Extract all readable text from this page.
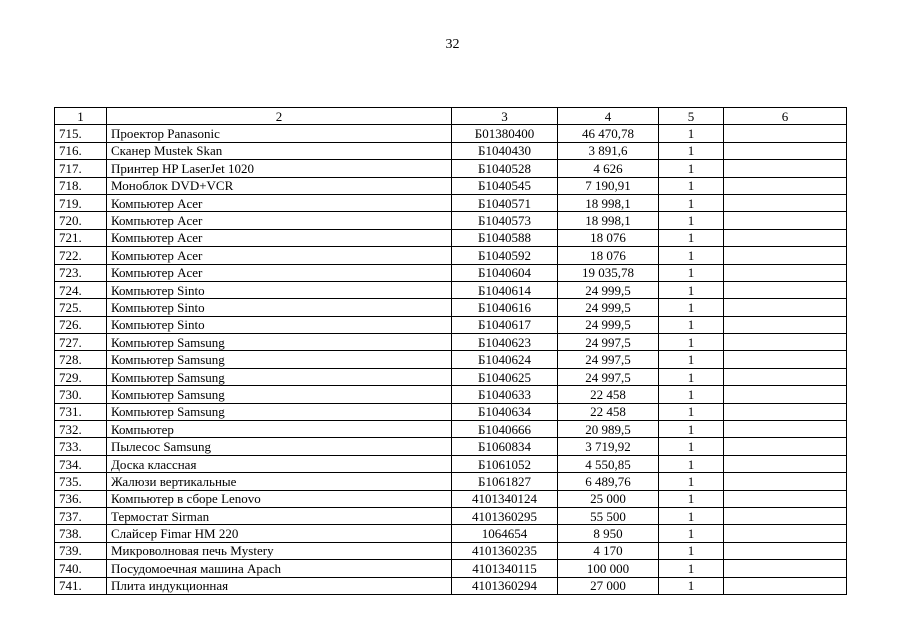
32
1	2	3	4	5	6
715.	Проектор Panasonic	Б01380400	46 470,78	1	
716.	Сканер Mustek Skan	Б1040430	3 891,6	1	
717.	Принтер HP LaserJet 1020	Б1040528	4 626	1	
718.	Моноблок DVD+VCR	Б1040545	7 190,91	1	
719.	Компьютер Acer	Б1040571	18 998,1	1	
720.	Компьютер Acer	Б1040573	18 998,1	1	
721.	Компьютер Acer	Б1040588	18 076	1	
722.	Компьютер Acer	Б1040592	18 076	1	
723.	Компьютер Acer	Б1040604	19 035,78	1	
724.	Компьютер Sinto	Б1040614	24 999,5	1	
725.	Компьютер Sinto	Б1040616	24 999,5	1	
726.	Компьютер Sinto	Б1040617	24 999,5	1	
727.	Компьютер Samsung	Б1040623	24 997,5	1	
728.	Компьютер Samsung	Б1040624	24 997,5	1	
729.	Компьютер Samsung	Б1040625	24 997,5	1	
730.	Компьютер Samsung	Б1040633	22 458	1	
731.	Компьютер Samsung	Б1040634	22 458	1	
732.	Компьютер	Б1040666	20 989,5	1	
733.	Пылесос Samsung	Б1060834	3 719,92	1	
734.	Доска классная	Б1061052	4 550,85	1	
735.	Жалюзи вертикальные	Б1061827	6 489,76	1	
736.	Компьютер в сборе Lenovo	4101340124	25 000	1	
737.	Термостат Sirman	4101360295	55 500	1	
738.	Слайсер Fimar HM 220	1064654	8 950	1	
739.	Микроволновая печь Mystery	4101360235	4 170	1	
740.	Посудомоечная машина Apach	4101340115	100 000	1	
741.	Плита индукционная	4101360294	27 000	1	
